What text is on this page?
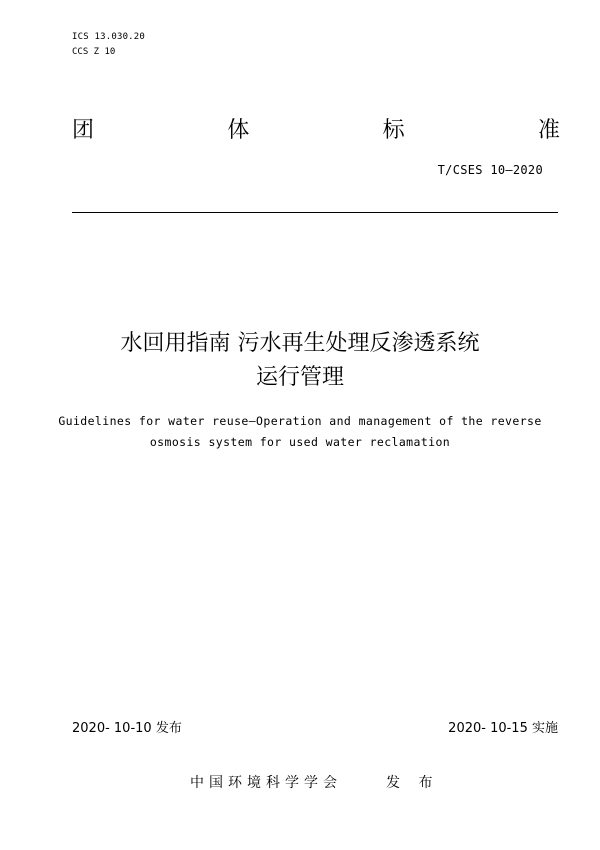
ICS 13.030.20
CCS Z 10
团	体	标	准
T/CSES 10—2020
水回用指南 污水再生处理反渗透系统
运行管理
Guidelines for water reuse—Operation and management of the reverse
osmosis system for used water reclamation
2020- 10-10 发布	2020- 10-15 实施
中国环境科学学会	发 布
